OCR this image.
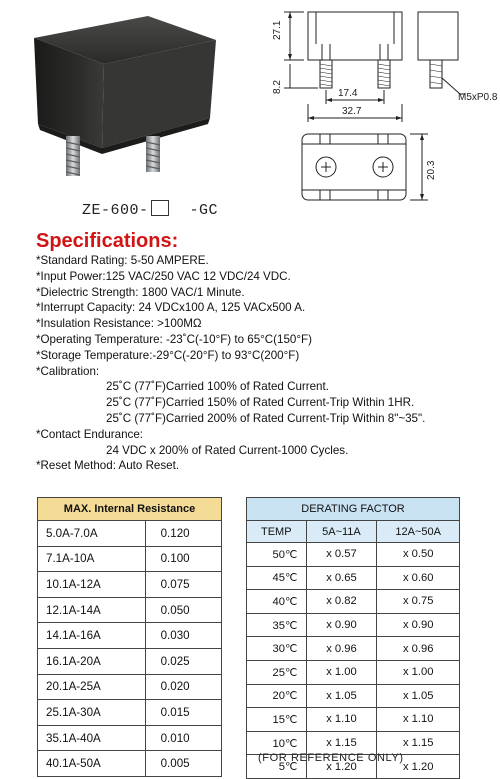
ZE-600-	-GC
27.1
8.2	17.4
32.7
20.3
M5xP0.8
Specifications:
*Standard Rating: 5-50 AMPERE.
*Input Power:125 VAC/250 VAC 12 VDC/24 VDC.
*Dielectric Strength: 1800 VAC/1 Minute.
*Interrupt Capacity: 24 VDCx100 A, 125 VACx500 A.
*Insulation Resistance: >100MΩ
*Operating Temperature: -23˚C(-10°F) to 65°C(150°F)
*Storage Temperature:-29°C(-20°F) to 93°C(200°F)
*Calibration:
25˚C (77˚F)Carried 100% of Rated Current.
25˚C (77˚F)Carried 150% of Rated Current-Trip Within 1HR.
25˚C (77˚F)Carried 200% of Rated Current-Trip Within 8"~35".
*Contact Endurance:
24 VDC x 200% of Rated Current-1000 Cycles.
*Reset Method: Auto Reset.
MAX. Internal Resistance	
5.0A-7.0A	0.120
7.1A-10A	0.100
10.1A-12A	0.075
12.1A-14A	0.050
14.1A-16A	0.030
16.1A-20A	0.025
20.1A-25A	0.020
25.1A-30A	0.015
35.1A-40A	0.010
40.1A-50A	0.005
DERATING FACTOR		
TEMP	5A~11A	12A~50A
50℃	x 0.57	x 0.50
45℃	x 0.65	x 0.60
40℃	x 0.82	x 0.75
35℃	x 0.90	x 0.90
30℃	x 0.96	x 0.96
25℃	x 1.00	x 1.00
20℃	x 1.05	x 1.05
15℃	x 1.10	x 1.10
10℃	x 1.15	x 1.15
5℃	x 1.20	x 1.20
(FOR REFERENCE ONLY)
